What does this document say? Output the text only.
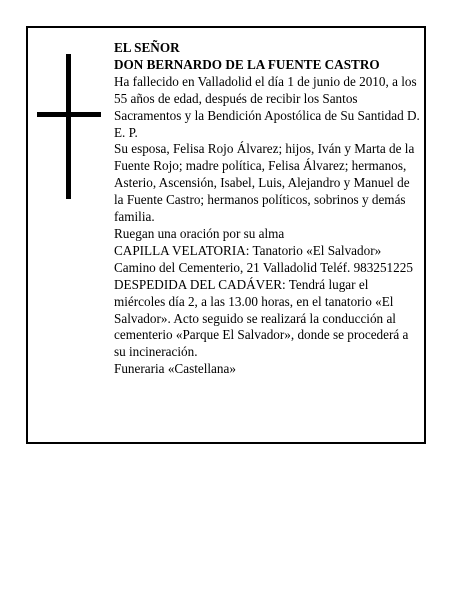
EL SEÑOR

DON BERNARDO DE LA FUENTE CASTRO

Ha fallecido en Valladolid el día 1 de junio de 2010, a los 55 años de edad, después de recibir los Santos Sacramentos y la Bendición Apostólica de Su Santidad D. E. P.

Su esposa, Felisa Rojo Álvarez; hijos, Iván y Marta de la Fuente Rojo; madre política, Felisa Álvarez; hermanos, Asterio, Ascensión, Isabel, Luis, Alejandro y Manuel de la Fuente Castro; hermanos políticos, sobrinos y demás familia.

Ruegan una oración por su alma

CAPILLA VELATORIA: Tanatorio «El Salvador» Camino del Cementerio, 21 Valladolid Teléf. 983251225

DESPEDIDA DEL CADÁVER: Tendrá lugar el miércoles día 2, a las 13.00 horas, en el tanatorio «El Salvador». Acto seguido se realizará la conducción al cementerio «Parque El Salvador», donde se procederá a su incineración.

Funeraria «Castellana»
